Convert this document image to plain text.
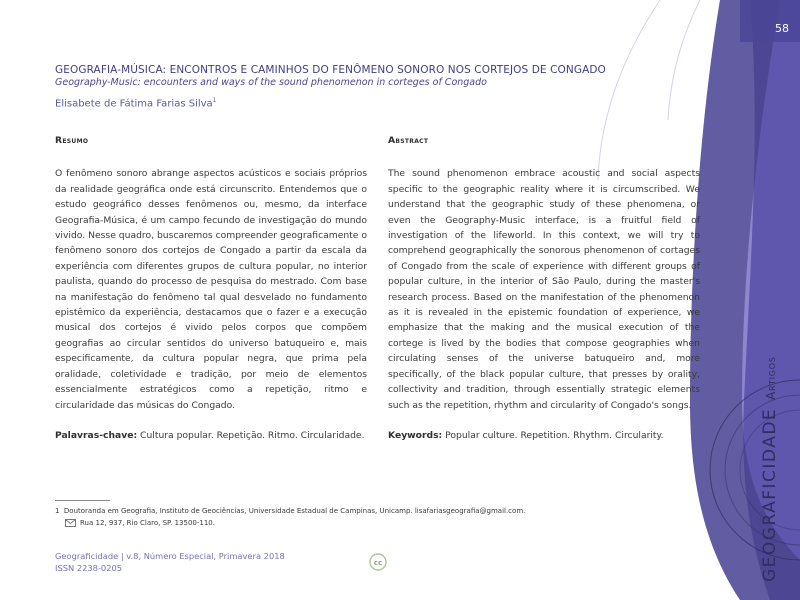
58
GEOGRAFIA-MÚSICA: ENCONTROS E CAMINHOS DO FENÔMENO SONORO NOS CORTEJOS DE CONGADO
Geography-Music: encounters and ways of the sound phenomenon in corteges of Congado
Elisabete de Fátima Farias Silva$^1$
Resumo

O fenômeno sonoro abrange aspectos acústicos e sociais próprios da realidade geográfica onde está circunscrito. Entendemos que o estudo geográfico desses fenômenos ou, mesmo, da interface Geografia-Música, é um campo fecundo de investigação do mundo vivido. Nesse quadro, buscaremos compreender geograficamente o fenômeno sonoro dos cortejos de Congado a partir da escala da experiência com diferentes grupos de cultura popular, no interior paulista, quando do processo de pesquisa do mestrado. Com base na manifestação do fenômeno tal qual desvelado no fundamento epistêmico da experiência, destacamos que o fazer e a execução musical dos cortejos é vivido pelos corpos que compõem geografias ao circular sentidos do universo batuqueiro e, mais especificamente, da cultura popular negra, que prima pela oralidade, coletividade e tradição, por meio de elementos essencialmente estratégicos como a repetição, ritmo e circularidade das músicas do Congado.

Palavras-chave: Cultura popular. Repetição. Ritmo. Circularidade.
Abstract

The sound phenomenon embrace acoustic and social aspects specific to the geographic reality where it is circumscribed. We understand that the geographic study of these phenomena, or even the Geography-Music interface, is a fruitful field of investigation of the lifeworld. In this context, we will try to comprehend geographically the sonorous phenomenon of cortages of Congado from the scale of experience with different groups of popular culture, in the interior of São Paulo, during the master's research process. Based on the manifestation of the phenomenon as it is revealed in the epistemic foundation of experience, we emphasize that the making and the musical execution of the cortege is lived by the bodies that compose geographies when circulating senses of the universe batuqueiro and, more specifically, of the black popular culture, that presses by orality, collectivity and tradition, through essentially strategic elements such as the repetition, rhythm and circularity of Congado's songs.

Keywords: Popular culture. Repetition. Rhythm. Circularity.
1 Doutoranda em Geografia, Instituto de Geociências, Universidade Estadual de Campinas, Unicamp. lisafariasgeografia@gmail.com.
Rua 12, 937, Rio Claro, SP. 13500-110.
Geograficidade | v.8, Número Especial, Primavera 2018
ISSN 2238-0205	cc	GEOGRAFICIDADE
Artigos
